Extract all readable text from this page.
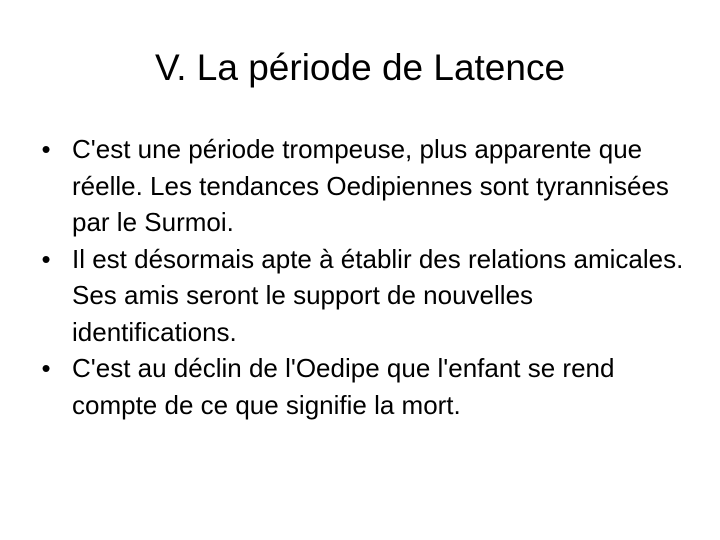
V. La période de Latence
• C'est une période trompeuse, plus apparente que réelle. Les tendances Oedipiennes sont tyrannisées par le Surmoi.
• Il est désormais apte à établir des relations amicales. Ses amis seront le support de nouvelles identifications.
• C'est au déclin de l'Oedipe que l'enfant se rend compte de ce que signifie la mort.
